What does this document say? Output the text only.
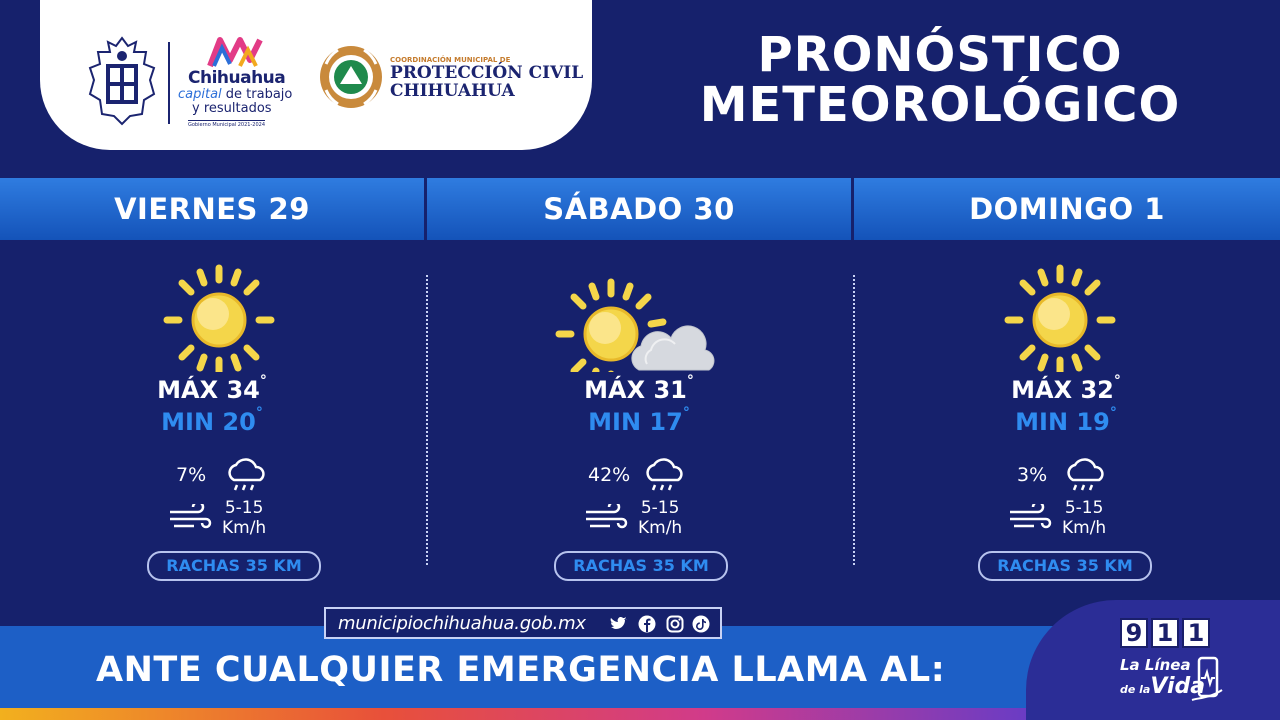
Chihuahua
capital de trabajo
y resultados
Gobierno Municipal 2021-2024
COORDINACIÓN MUNICIPAL DE
PROTECCIÓN CIVIL
CHIHUAHUA
PRONÓSTICO
METEOROLÓGICO
VIERNES 29	SÁBADO 30	DOMINGO 1
MÁX 34°
MIN 20°
7%
5-15
Km/h
RACHAS 35 KM
MÁX 31°
MIN 17°
42%
5-15
Km/h
RACHAS 35 KM
MÁX 32°
MIN 19°
3%
5-15
Km/h
RACHAS 35 KM
municipiochihuahua.gob.mx
ANTE CUALQUIER EMERGENCIA LLAMA AL:
9 1 1
La Línea
de laVida
